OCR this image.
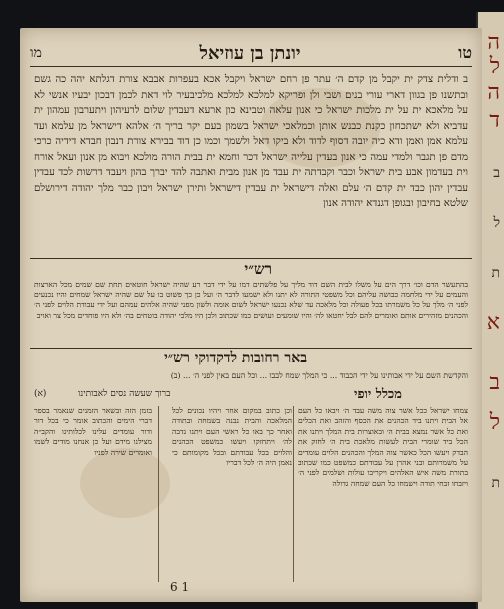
ה
ל
ה
ד
ב
ל
ת
א
ב
ל
ת
טו
יונתן בן עוזיאל
מו
ב ודלית צדק ית יקבל מן קדם ה׳ עתר פן רחם ישראל ויקבל אכא בעפרות אבבא צורת דגלתא יהה כה גשם ובתשנו פן בגוון דארי עורי בנים ושבי ולן ופריקא למלכא למלכא מלכיבעיר לוי דאת לכמן דבכון יבעיו אנשי לא על מלאכא ית על ית מלכות ישראל כי אנון עלאה וטבינא כון ארעא דעבדין שלום לרעיהון ויתערבון עמהון ית עדביא ולא ישתכחון כקנת כבנש אותן וכמלאכי ישראל בשמון בעם יקר בריך ה׳ אלהא דישראל מן עלמא ועד עלמא אמן ואמן ודא כיה יובה דסוף לדוד ולא ביקו דאל ולשמך וכמו כן דוד בבירא צורת דנבון חבדא דידיה כרכי מדם פן תגבר ולמדי עמה כי אנון בעדין עלייה ישראל דכר וחמא ית בבית הורה מולכא ויבוא מן אנון ועאל אורח וית בעדמון אבע בית ישראל וכבר וקבדתה ית עבד מן אנון מבית ואתבה להד יברך בהון ויעבד דרשות לכד עבדין עבדין יהון כבד ית קדם ה׳ עלם ואלה דישראל ית עבדין דישראל ותירן ישראל ויבון כבר מלך יהודה דירושלם שלטא בחיבון ובגופן דגנדא יהודה אנון
רש״י
בהתעשר הדם וכו׳ דרך הים על משלו לבית השם דוד מליך על פלשתים דמו על ידי דבר רע שהיה ישראל חוטאים תחת שם שמים מכל הארצות והעמים על ידי מלחמה כבושה עליהם וכל משפטי התורה לא יתנו ולא ישמעו לדבר ה׳ ועל כן כך פשוט בו על שם שהיה ישראל שמחים והיו נכנעים לפני ה׳ מלך על כל משמרתו בכל פעולה וכל מלאכה עד שלא נכנעו ישראל לשום אומה ולשון מפני שהיה אלהים עמהם ועל ידי עבודת הלוים לפני ה׳ והכהנים מזהירים אותם ואומרים להם לבל יחטאו לה׳ והיו שומעים ועושים כמו שכתוב ולכן היו מלכי יהודה בוטחים בה׳ ולא היו פוחדים מכל צר ואויב
באר רחובות לדקדוקי רש״י
והקדשת השם על ידי אבותינו על ידי הכבוד ... כי המלך שמח לבבו ... וכל העם באין לפני ה׳ ... (ב)
מכלל יופי
ברוך שעשה נסים לאבותינו
(א)
צמחו ישראל ככל אשר צוה משה עבד ה׳ ויבאו כל העם אל הבית ויתנו ביד הכהנים את הכסף והזהב ואת הכלים ואת כל אשר נמצא בבית ה׳ ובאוצרות בית המלך ויתנו את הכל ביד שומרי הבית לעשות מלאכת בית ה׳ לחזק את הבדק ויעשו הכל כאשר צוה המלך והכהנים הלוים עומדים על משמרותם ובני אהרן על עבודתם כמשפט כמו שכתוב בתורת משה איש האלהים ויקריבו עולות ושלמים לפני ה׳ ויזבחו זבחי תודה וישמחו כל העם שמחה גדולה
וכן כתוב במקום אחר ויהיו נכונים לכל המלאכה והבית נבנה בשמחה ובתודה ואחר כך באו כל ראשי העם ויתנו נדבה לה׳ ויתחזקו ויעשו כמשפט הכהנים והלוים בכל עבודתם ובכל מקומותם כי נאמן היה ה׳ לכל דבריו
בזמן הזה ובשאר הזמנים שנאמר בספר דברי הימים והכתוב אומר כי בכל דור ודור עומדים עלינו לכלותינו והקב״ה מצילנו מידם ועל כן אנחנו מודים לשמו ואומרים שירה לפניו
6 1
